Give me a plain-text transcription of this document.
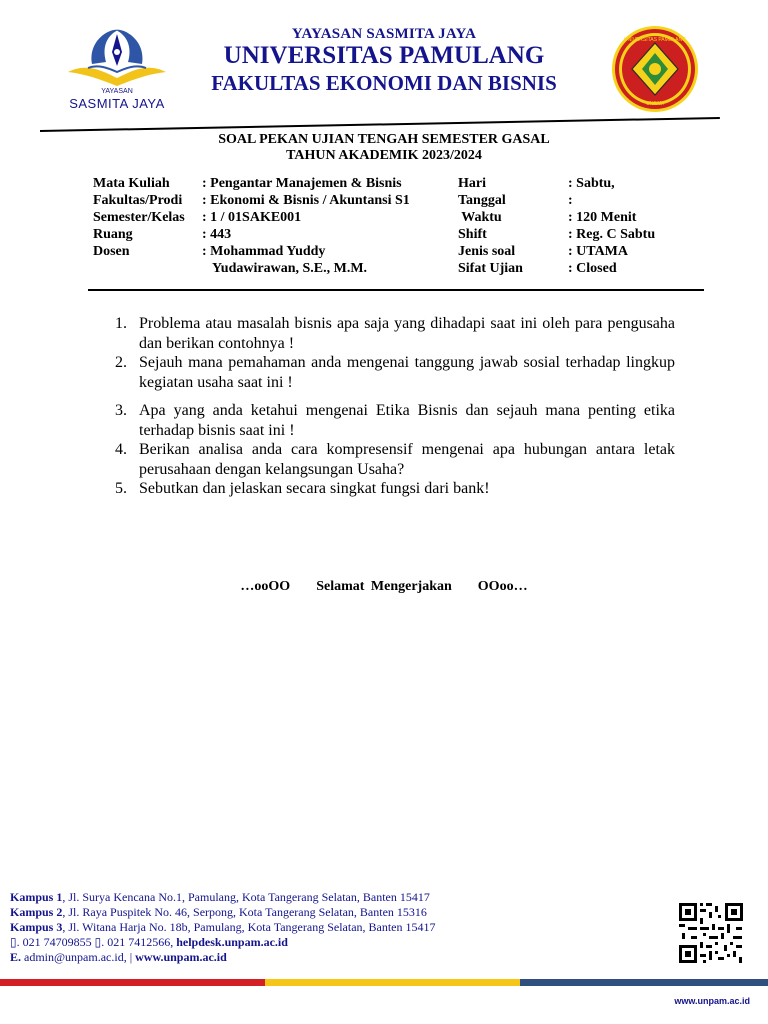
YAYASAN
SASMITA JAYA
YAYASAN SASMITA JAYA
UNIVERSITAS PAMULANG
FAKULTAS EKONOMI DAN BISNIS
UNIVERSITAS PAMULANG
UNPAM
SOAL PEKAN UJIAN TENGAH SEMESTER GASAL
TAHUN AKADEMIK 2023/2024
Mata Kuliah : Pengantar Manajemen & Bisnis	Hari	: Sabtu,
Fakultas/Prodi : Ekonomi & Bisnis / Akuntansi S1	Tanggal	:
Semester/Kelas : 1 / 01SAKE001	Waktu	: 120 Menit
Ruang	: 443	Shift	: Reg. C Sabtu
Dosen	: Mohammad Yuddy	Jenis soal	: UTAMA
Yudawirawan, S.E., M.M.	Sifat Ujian	: Closed
1. Problema atau masalah bisnis apa saja yang dihadapi saat ini oleh para pengusaha dan berikan contohnya !
2. Sejauh mana pemahaman anda mengenai tanggung jawab sosial terhadap lingkup kegiatan usaha saat ini !
3. Apa yang anda ketahui mengenai Etika Bisnis dan sejauh mana penting etika terhadap bisnis saat ini !
4. Berikan analisa anda cara kompresensif mengenai apa hubungan antara letak perusahaan dengan kelangsungan Usaha?
5. Sebutkan dan jelaskan secara singkat fungsi dari bank!
…ooOO    Selamat Mengerjakan    OOoo…
Kampus 1, Jl. Surya Kencana No.1, Pamulang, Kota Tangerang Selatan, Banten 15417
Kampus 2, Jl. Raya Puspitek No. 46, Serpong, Kota Tangerang Selatan, Banten 15316
Kampus 3, Jl. Witana Harja No. 18b, Pamulang, Kota Tangerang Selatan, Banten 15417
▯. 021 74709855 ▯. 021 7412566, helpdesk.unpam.ac.id
E. admin@unpam.ac.id, | www.unpam.ac.id
www.unpam.ac.id
